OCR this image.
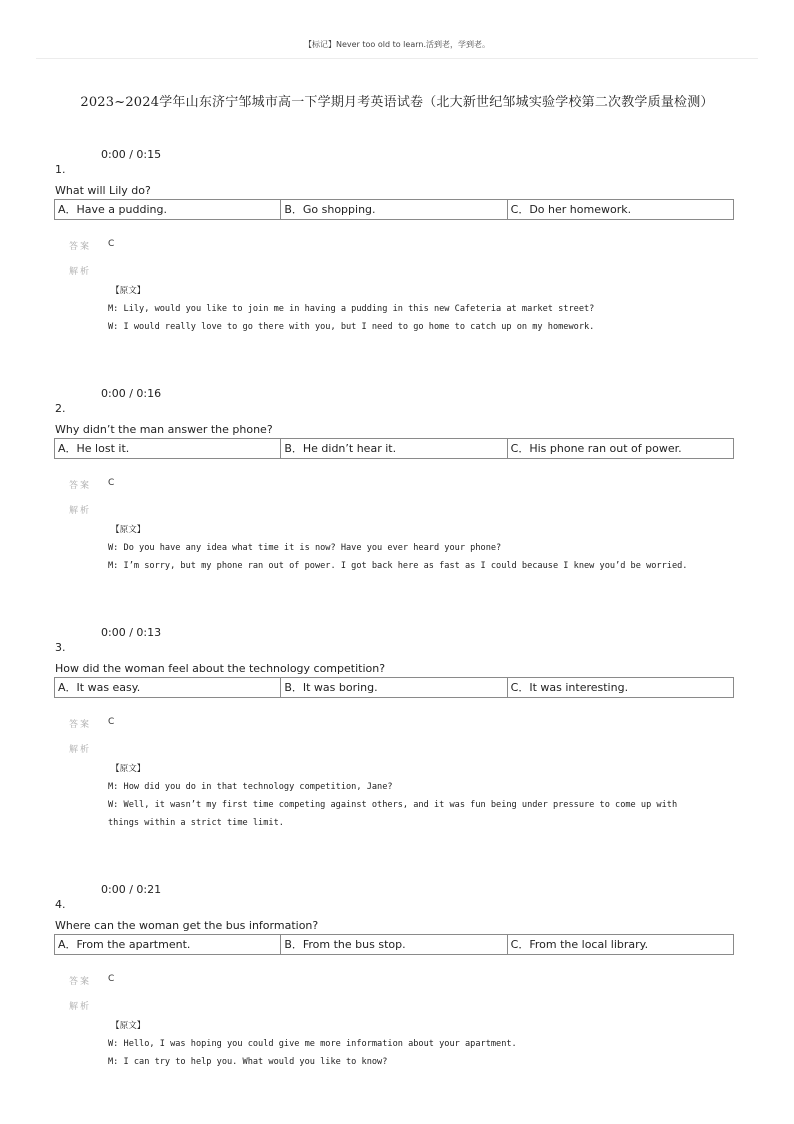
【标记】Never too old to learn.活到老，学到老。
2023~2024学年山东济宁邹城市高一下学期月考英语试卷（北大新世纪邹城实验学校第二次教学质量检测）
0:00 / 0:15
1.
What will Lily do?
A．Have a pudding.	B．Go shopping.	C．Do her homework.
答案 C
解析
【原文】
M: Lily, would you like to join me in having a pudding in this new Cafeteria at market street?
W: I would really love to go there with you, but I need to go home to catch up on my homework.
0:00 / 0:16
2.
Why didn’t the man answer the phone?
A．He lost it.	B．He didn’t hear it.	C．His phone ran out of power.
答案 C
解析
【原文】
W: Do you have any idea what time it is now? Have you ever heard your phone?
M: I’m sorry, but my phone ran out of power. I got back here as fast as I could because I knew you’d be worried.
0:00 / 0:13
3.
How did the woman feel about the technology competition?
A．It was easy.	B．It was boring.	C．It was interesting.
答案 C
解析
【原文】
M: How did you do in that technology competition, Jane?
W: Well, it wasn’t my first time competing against others, and it was fun being under pressure to come up with things within a strict time limit.
0:00 / 0:21
4.
Where can the woman get the bus information?
A．From the apartment.	B．From the bus stop.	C．From the local library.
答案 C
解析
【原文】
W: Hello, I was hoping you could give me more information about your apartment.
M: I can try to help you. What would you like to know?
